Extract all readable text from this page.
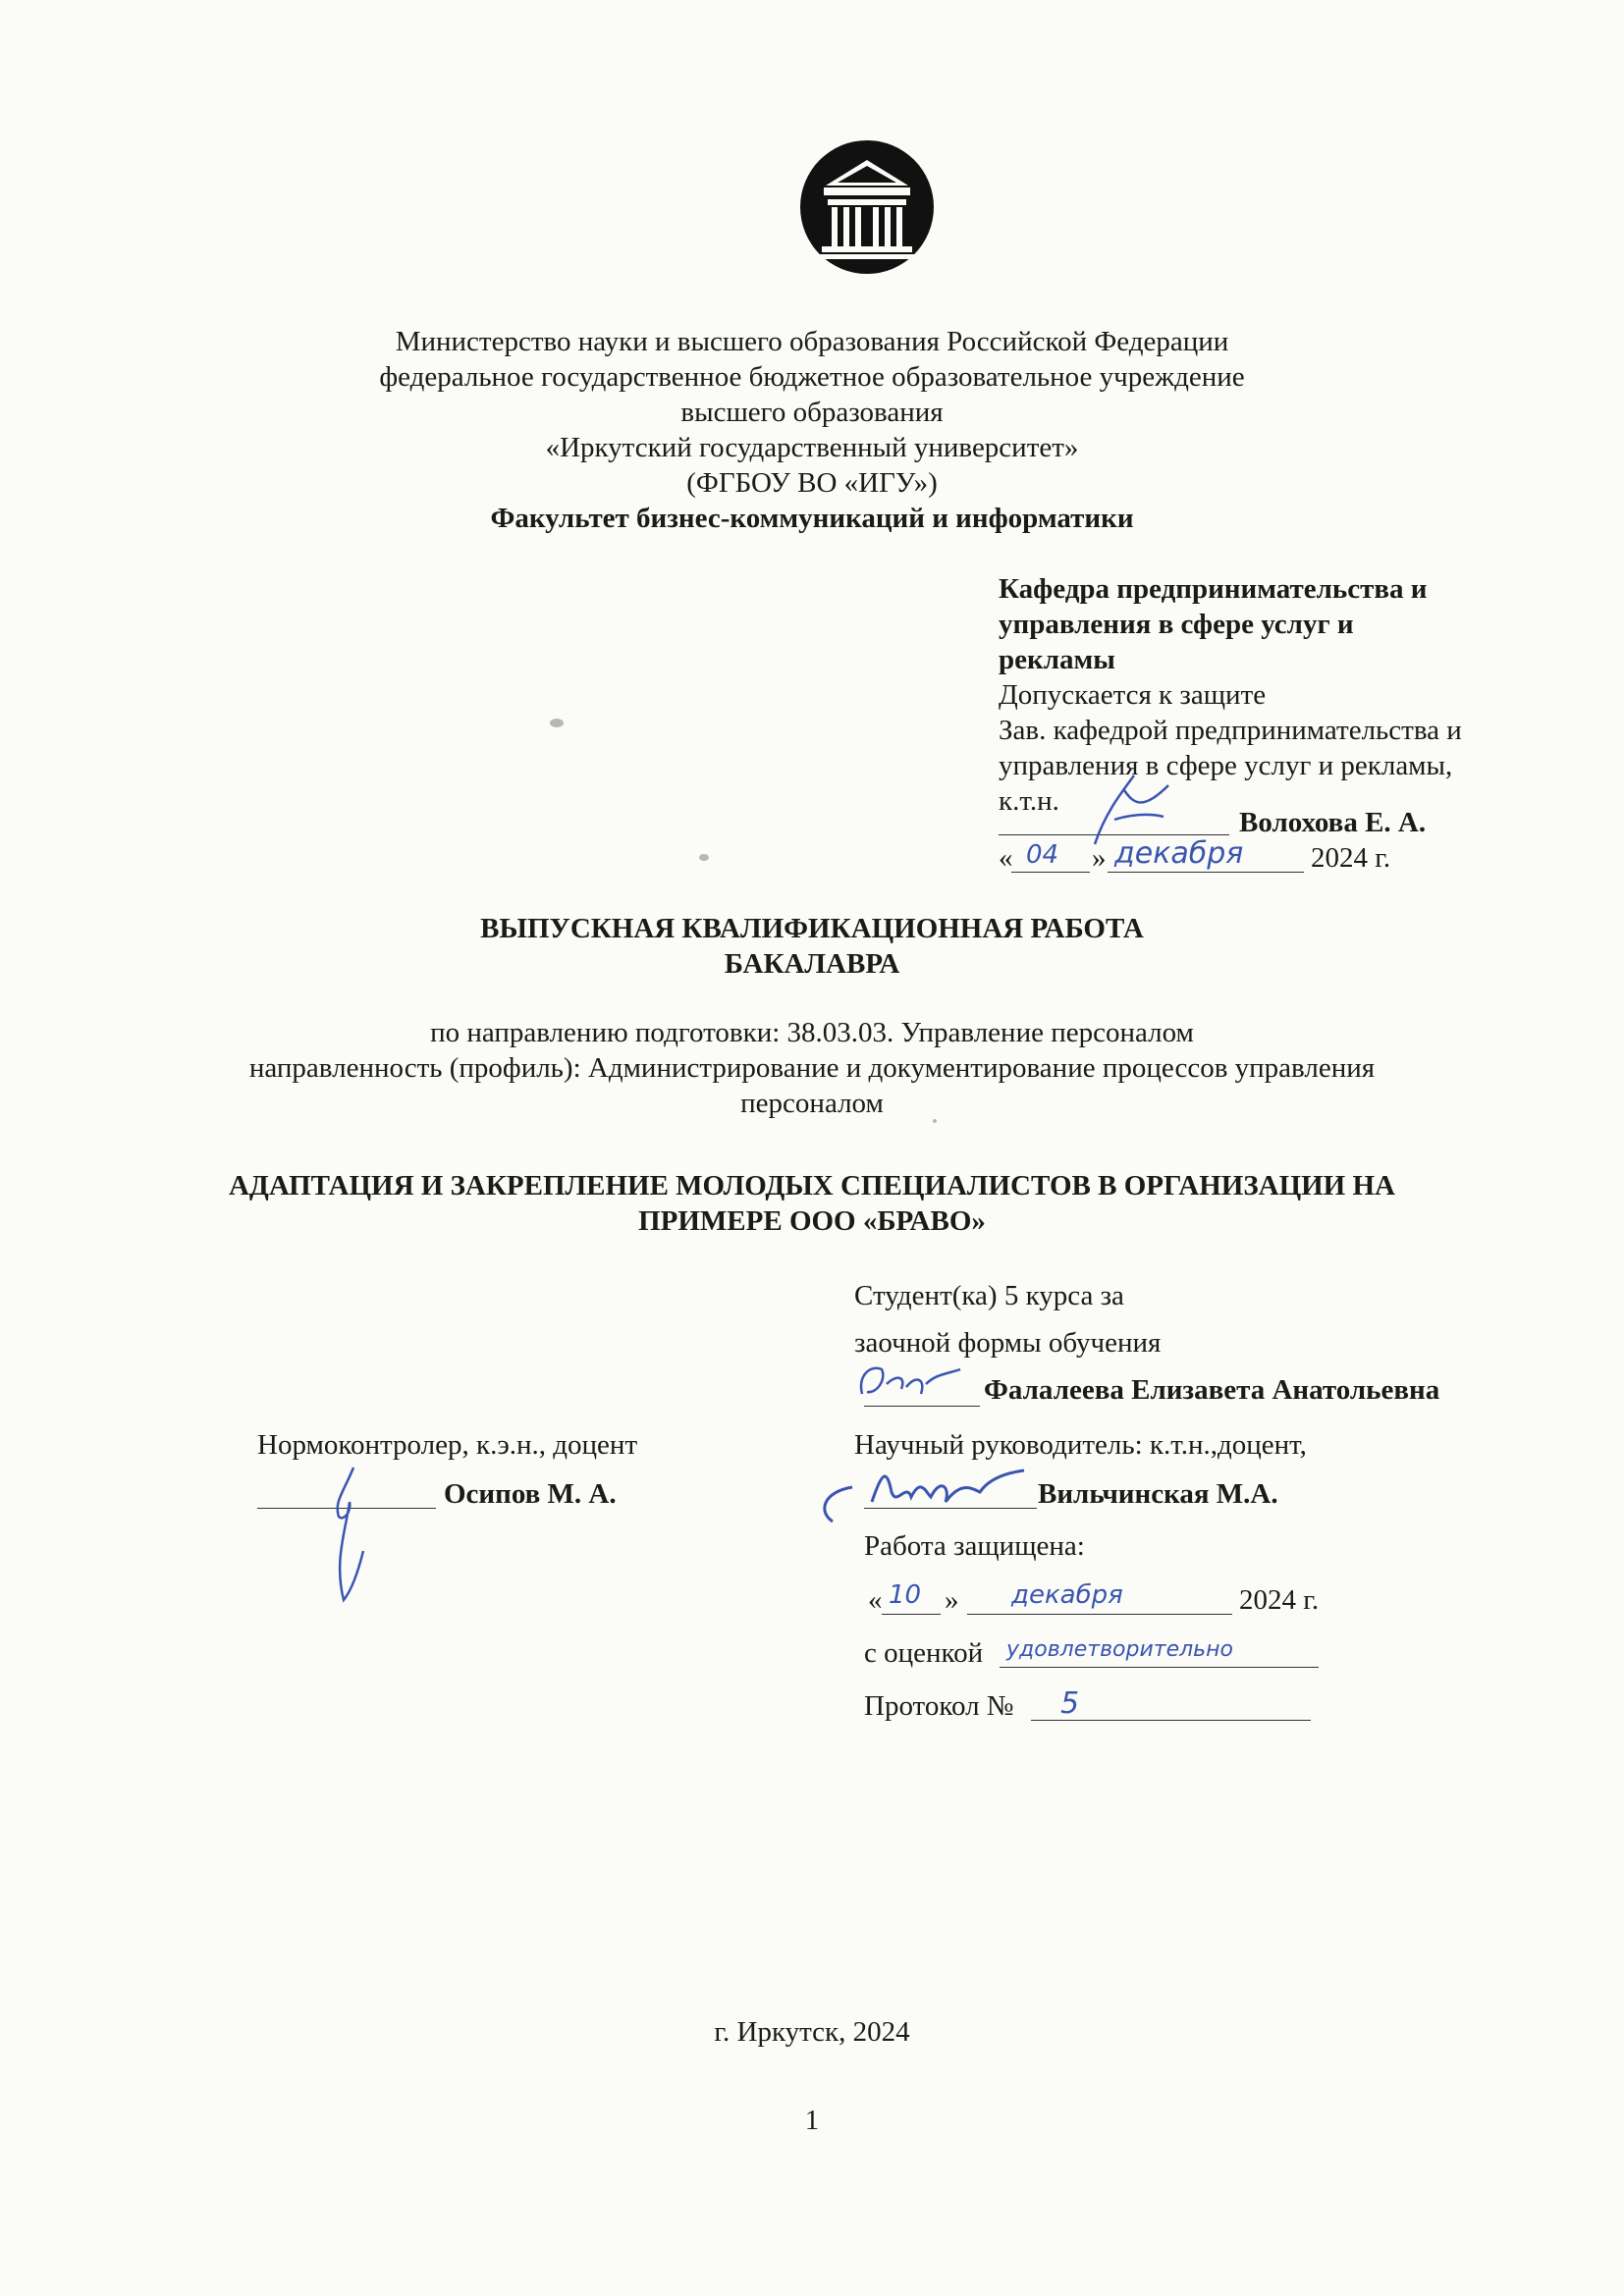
Министерство науки и высшего образования Российской Федерации
федеральное государственное бюджетное образовательное учреждение
высшего образования
«Иркутский государственный университет»
(ФГБОУ ВО «ИГУ»)
Факультет бизнес-коммуникаций и информатики
Кафедра предпринимательства и
управления в сфере услуг и
рекламы
Допускается к защите
Зав. кафедрой предпринимательства и
управления в сфере услуг и рекламы,
к.т.н.
Волохова Е. А.
« 04 » декабря 2024 г.
ВЫПУСКНАЯ КВАЛИФИКАЦИОННАЯ РАБОТА
БАКАЛАВРА
по направлению подготовки: 38.03.03. Управление персоналом
направленность (профиль): Администрирование и документирование процессов управления
персоналом
АДАПТАЦИЯ И ЗАКРЕПЛЕНИЕ МОЛОДЫХ СПЕЦИАЛИСТОВ В ОРГАНИЗАЦИИ НА
ПРИМЕРЕ ООО «БРАВО»
Студент(ка) 5 курса за
заочной формы обучения
Фалалеева Елизавета Анатольевна
Нормоконтролер, к.э.н., доцент
Осипов М. А.
Научный руководитель: к.т.н.,доцент,
Вильчинская М.А.
Работа защищена:
« 10 » декабря	2024 г.
с оценкой удовлетворительно
Протокол № 5
г. Иркутск, 2024
1
